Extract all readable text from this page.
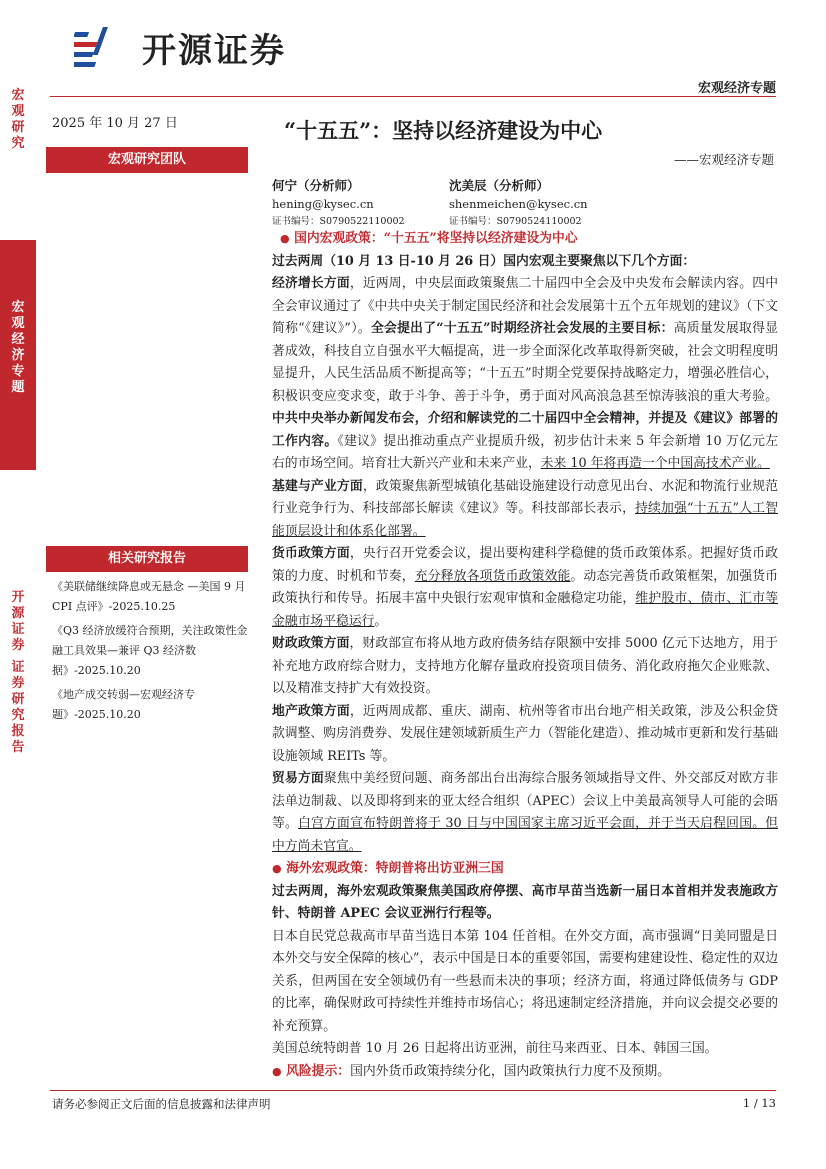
宏观研究
宏观经济专题
开源证券
证券研究报告
开源证券
宏观经济专题
2025 年 10 月 27 日	“十五五”：坚持以经济建设为中心
——宏观经济专题
宏观研究团队
何宁（分析师）
hening@kysec.cn
证书编号：S0790522110002
沈美辰（分析师）
shenmeichen@kysec.cn
证书编号：S0790524110002
相关研究报告
《美联储继续降息或无悬念 —美国 9 月 CPI 点评》-2025.10.25
《Q3 经济放缓符合预期，关注政策性金融工具效果—兼评 Q3 经济数据》-2025.10.20
《地产成交转弱—宏观经济专题》-2025.10.20

● 国内宏观政策：“十五五”将坚持以经济建设为中心

过去两周（10 月 13 日-10 月 26 日）国内宏观主要聚焦以下几个方面：

经济增长方面，近两周，中央层面政策聚焦二十届四中全会及中央发布会解读内容。四中全会审议通过了《中共中央关于制定国民经济和社会发展第十五个五年规划的建议》（下文简称“《建议》”）。全会提出了“十五五”时期经济社会发展的主要目标：高质量发展取得显著成效，科技自立自强水平大幅提高，进一步全面深化改革取得新突破，社会文明程度明显提升，人民生活品质不断提高等；“十五五”时期全党要保持战略定力，增强必胜信心，积极识变应变求变，敢于斗争、善于斗争，勇于面对风高浪急甚至惊涛骇浪的重大考验。中共中央举办新闻发布会，介绍和解读党的二十届四中全会精神，并提及《建议》部署的工作内容。《建议》提出推动重点产业提质升级，初步估计未来 5 年会新增 10 万亿元左右的市场空间。培育壮大新兴产业和未来产业，未来 10 年将再造一个中国高技术产业。

基建与产业方面，政策聚焦新型城镇化基础设施建设行动意见出台、水泥和物流行业规范行业竞争行为、科技部部长解读《建议》等。科技部部长表示，持续加强“十五五”人工智能顶层设计和体系化部署。

货币政策方面，央行召开党委会议，提出要构建科学稳健的货币政策体系。把握好货币政策的力度、时机和节奏，充分释放各项货币政策效能。动态完善货币政策框架，加强货币政策执行和传导。拓展丰富中央银行宏观审慎和金融稳定功能，维护股市、债市、汇市等金融市场平稳运行。

财政政策方面，财政部宣布将从地方政府债务结存限额中安排 5000 亿元下达地方，用于补充地方政府综合财力，支持地方化解存量政府投资项目债务、消化政府拖欠企业账款、以及精准支持扩大有效投资。

地产政策方面，近两周成都、重庆、湖南、杭州等省市出台地产相关政策，涉及公积金贷款调整、购房消费券、发展住建领域新质生产力（智能化建造）、推动城市更新和发行基础设施领域 REITs 等。

贸易方面聚焦中美经贸问题、商务部出台出海综合服务领域指导文件、外交部反对欧方非法单边制裁、以及即将到来的亚太经合组织（APEC）会议上中美最高领导人可能的会晤等。白宫方面宣布特朗普将于 30 日与中国国家主席习近平会面，并于当天启程回国。但中方尚未官宣。

● 海外宏观政策：特朗普将出访亚洲三国

过去两周，海外宏观政策聚焦美国政府停摆、高市早苗当选新一届日本首相并发表施政方针、特朗普 APEC 会议亚洲行行程等。

日本自民党总裁高市早苗当选日本第 104 任首相。在外交方面，高市强调“日美同盟是日本外交与安全保障的核心”，表示中国是日本的重要邻国，需要构建建设性、稳定性的双边关系，但两国在安全领域仍有一些悬而未决的事项；经济方面，将通过降低债务与 GDP 的比率，确保财政可持续性并维持市场信心；将迅速制定经济措施，并向议会提交必要的补充预算。

美国总统特朗普 10 月 26 日起将出访亚洲，前往马来西亚、日本、韩国三国。

● 风险提示：国内外货币政策持续分化，国内政策执行力度不及预期。

请务必参阅正文后面的信息披露和法律声明	1 / 13
